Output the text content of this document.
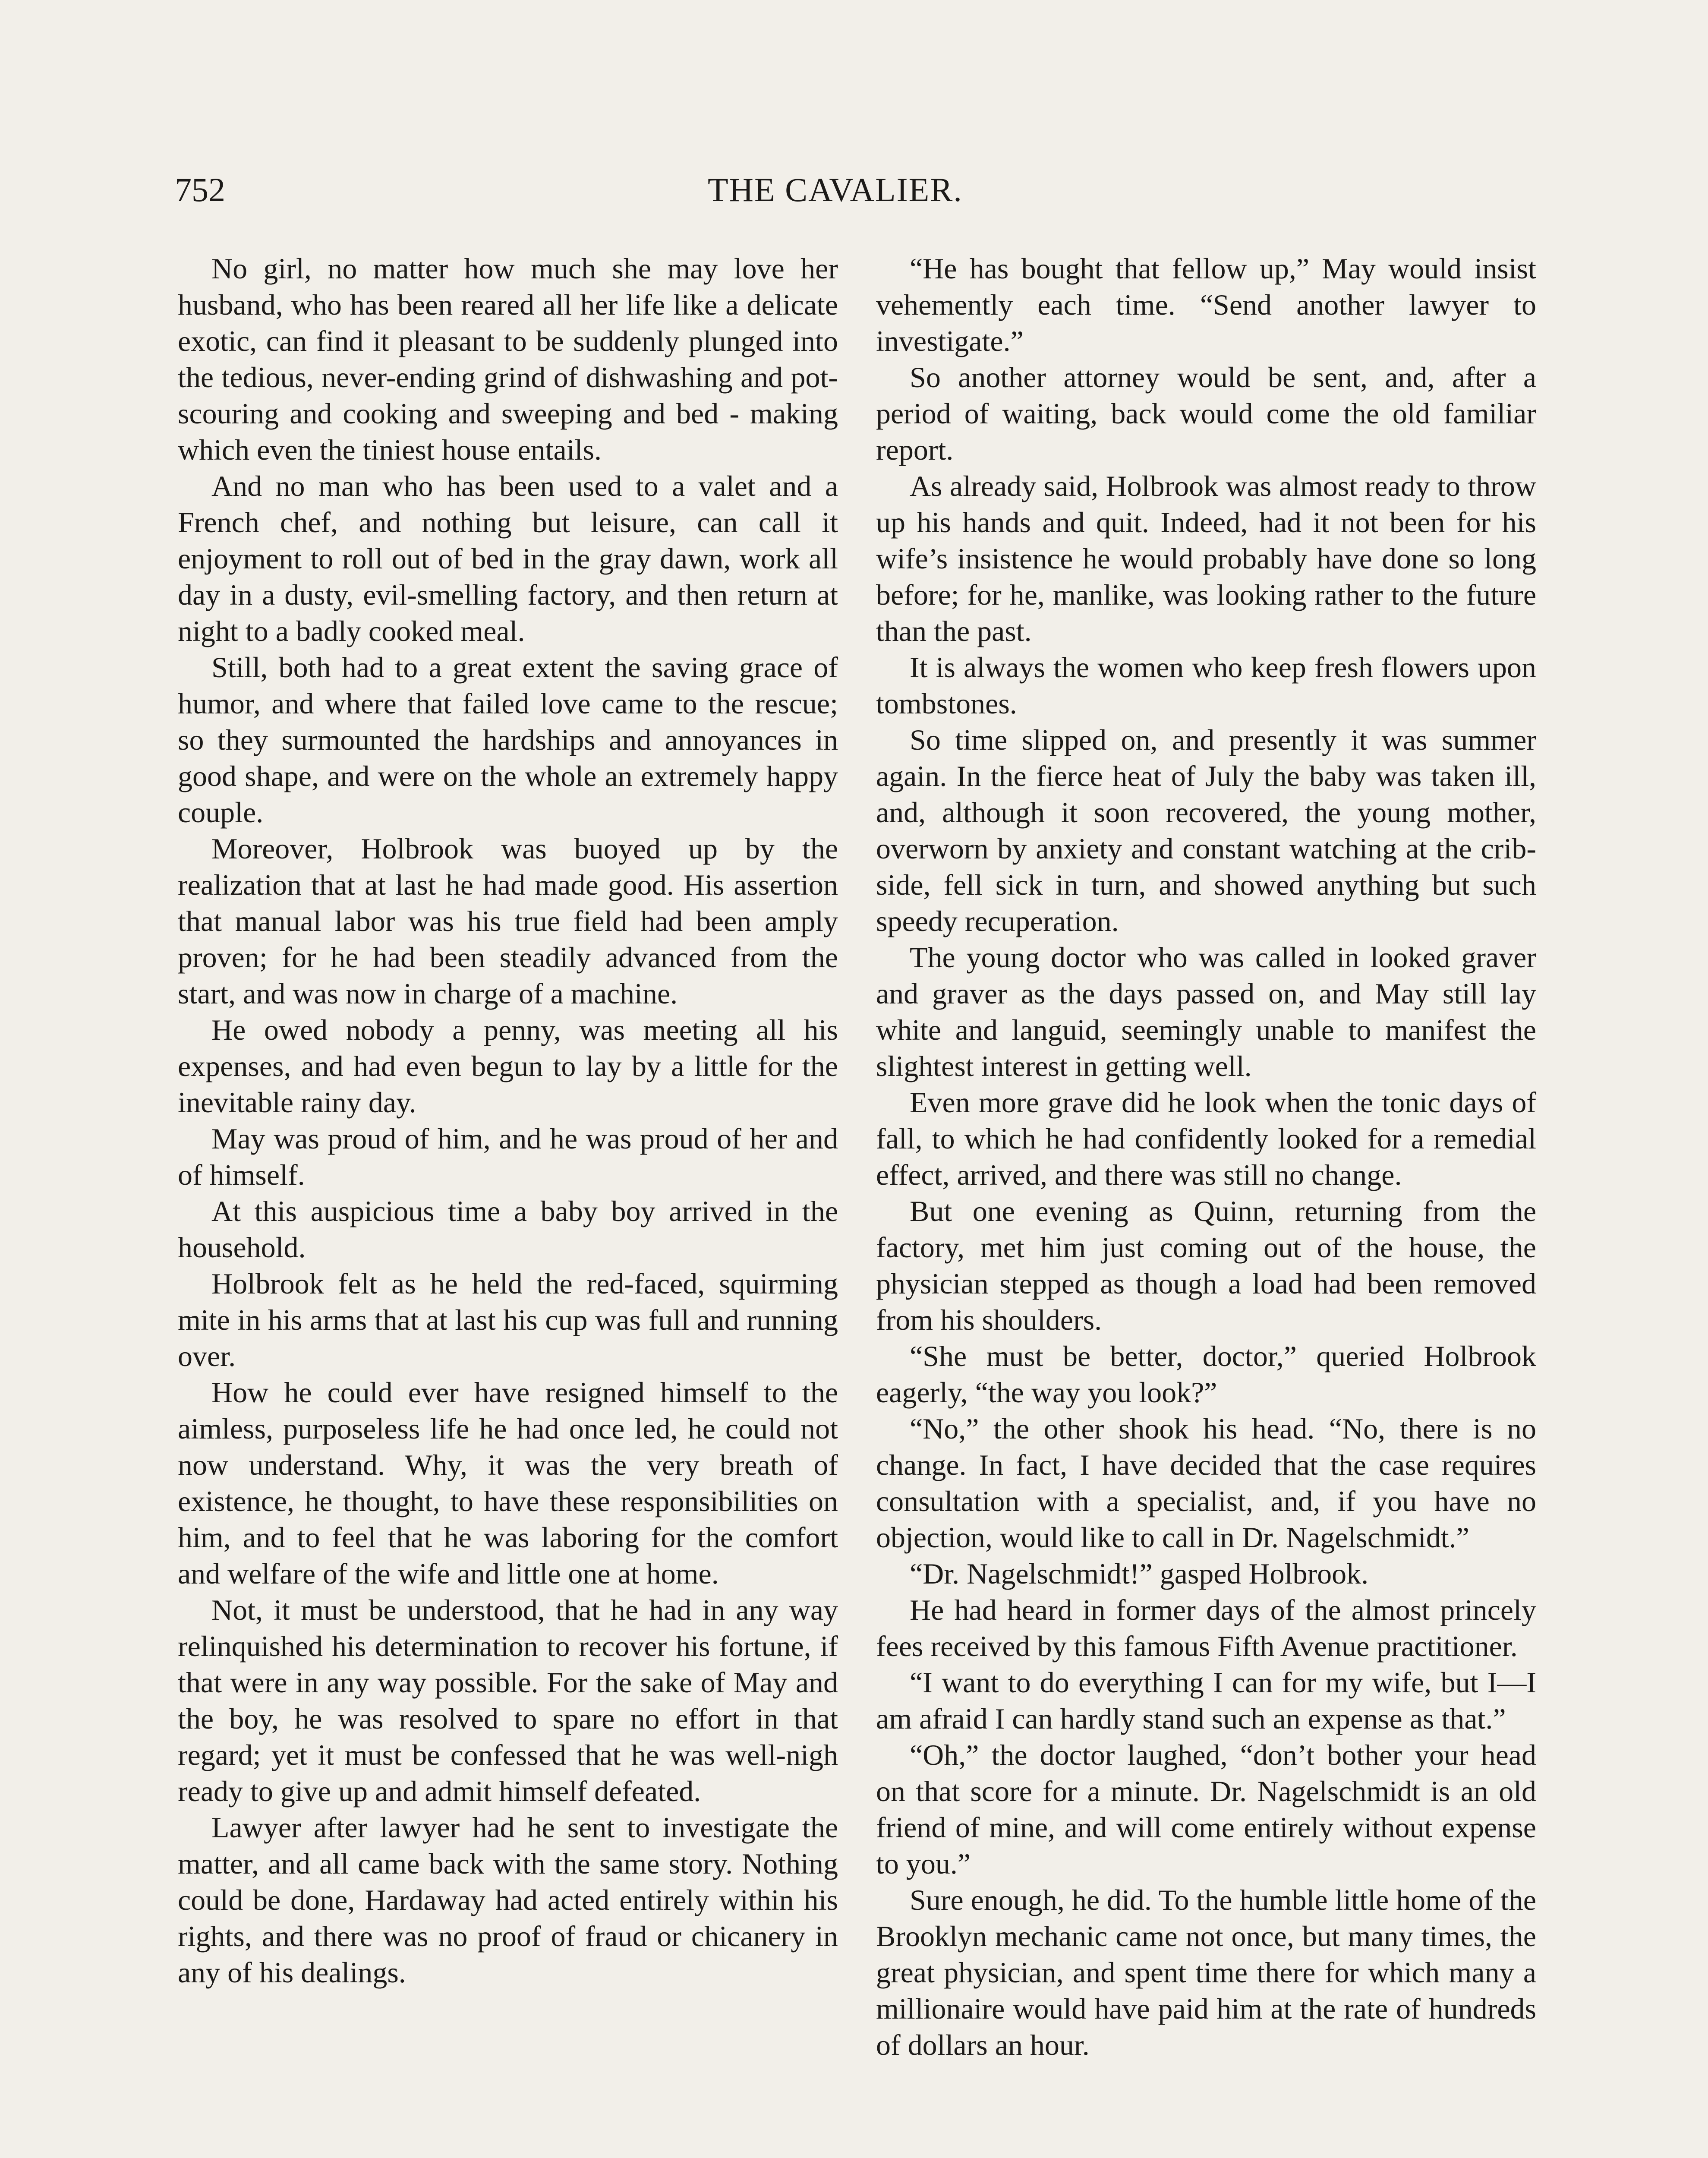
752	THE CAVALIER.

No girl, no matter how much she may love her husband, who has been reared all her life like a delicate exotic, can find it pleasant to be suddenly plunged into the tedious, never-ending grind of dishwashing and pot-scouring and cooking and sweeping and bed - making which even the tiniest house entails.

And no man who has been used to a valet and a French chef, and nothing but leisure, can call it enjoyment to roll out of bed in the gray dawn, work all day in a dusty, evil-smelling factory, and then return at night to a badly cooked meal.

Still, both had to a great extent the saving grace of humor, and where that failed love came to the rescue; so they surmounted the hardships and annoyances in good shape, and were on the whole an extremely happy couple.

Moreover, Holbrook was buoyed up by the realization that at last he had made good. His assertion that manual labor was his true field had been amply proven; for he had been steadily advanced from the start, and was now in charge of a machine.

He owed nobody a penny, was meeting all his expenses, and had even begun to lay by a little for the inevitable rainy day.

May was proud of him, and he was proud of her and of himself.

At this auspicious time a baby boy arrived in the household.

Holbrook felt as he held the red-faced, squirming mite in his arms that at last his cup was full and running over.

How he could ever have resigned himself to the aimless, purposeless life he had once led, he could not now understand. Why, it was the very breath of existence, he thought, to have these responsibilities on him, and to feel that he was laboring for the comfort and welfare of the wife and little one at home.

Not, it must be understood, that he had in any way relinquished his determination to recover his fortune, if that were in any way possible. For the sake of May and the boy, he was resolved to spare no effort in that regard; yet it must be confessed that he was well-nigh ready to give up and admit himself defeated.

Lawyer after lawyer had he sent to investigate the matter, and all came back with the same story. Nothing could be done, Hardaway had acted entirely within his rights, and there was no proof of fraud or chicanery in any of his dealings.

“He has bought that fellow up,” May would insist vehemently each time. “Send another lawyer to investigate.”

So another attorney would be sent, and, after a period of waiting, back would come the old familiar report.

As already said, Holbrook was almost ready to throw up his hands and quit. Indeed, had it not been for his wife’s insistence he would probably have done so long before; for he, manlike, was looking rather to the future than the past.

It is always the women who keep fresh flowers upon tombstones.

So time slipped on, and presently it was summer again. In the fierce heat of July the baby was taken ill, and, although it soon recovered, the young mother, overworn by anxiety and constant watching at the cribside, fell sick in turn, and showed anything but such speedy recuperation.

The young doctor who was called in looked graver and graver as the days passed on, and May still lay white and languid, seemingly unable to manifest the slightest interest in getting well.

Even more grave did he look when the tonic days of fall, to which he had confidently looked for a remedial effect, arrived, and there was still no change.

But one evening as Quinn, returning from the factory, met him just coming out of the house, the physician stepped as though a load had been removed from his shoulders.

“She must be better, doctor,” queried Holbrook eagerly, “the way you look?”

“No,” the other shook his head. “No, there is no change. In fact, I have decided that the case requires consultation with a specialist, and, if you have no objection, would like to call in Dr. Nagelschmidt.”

“Dr. Nagelschmidt!” gasped Holbrook.

He had heard in former days of the almost princely fees received by this famous Fifth Avenue practitioner.

“I want to do everything I can for my wife, but I—I am afraid I can hardly stand such an expense as that.”

“Oh,” the doctor laughed, “don’t bother your head on that score for a minute. Dr. Nagelschmidt is an old friend of mine, and will come entirely without expense to you.”

Sure enough, he did. To the humble little home of the Brooklyn mechanic came not once, but many times, the great physician, and spent time there for which many a millionaire would have paid him at the rate of hundreds of dollars an hour.
